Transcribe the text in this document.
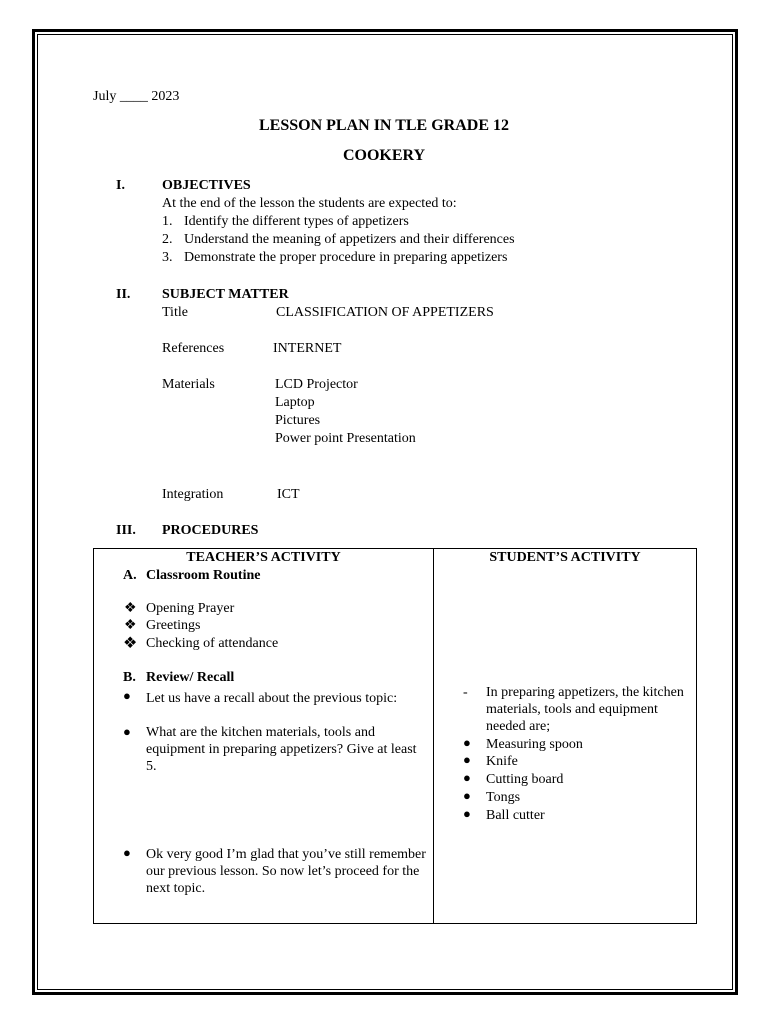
July ____ 2023
LESSON PLAN IN TLE GRADE 12
COOKERY
I.	OBJECTIVES
At the end of the lesson the students are expected to:
1. Identify the different types of appetizers
2. Understand the meaning of appetizers and their differences
3. Demonstrate the proper procedure in preparing appetizers
II. SUBJECT MATTER
Title	CLASSIFICATION OF APPETIZERS
References	INTERNET
Materials	LCD Projector
Laptop
Pictures
Power point Presentation
Integration	ICT
III. PROCEDURES
TEACHER’S ACTIVITY
A. Classroom Routine
❖ Opening Prayer
❖ Greetings
❖ Checking of attendance
B. Review/ Recall
● Let us have a recall about the previous topic:
● What are the kitchen materials, tools and equipment in preparing appetizers? Give at least 5.
● Ok very good I’m glad that you’ve still remember our previous lesson. So now let’s proceed for the next topic.

STUDENT’S ACTIVITY
- In preparing appetizers, the kitchen materials, tools and equipment needed are;
● Measuring spoon
● Knife
● Cutting board
● Tongs
● Ball cutter
